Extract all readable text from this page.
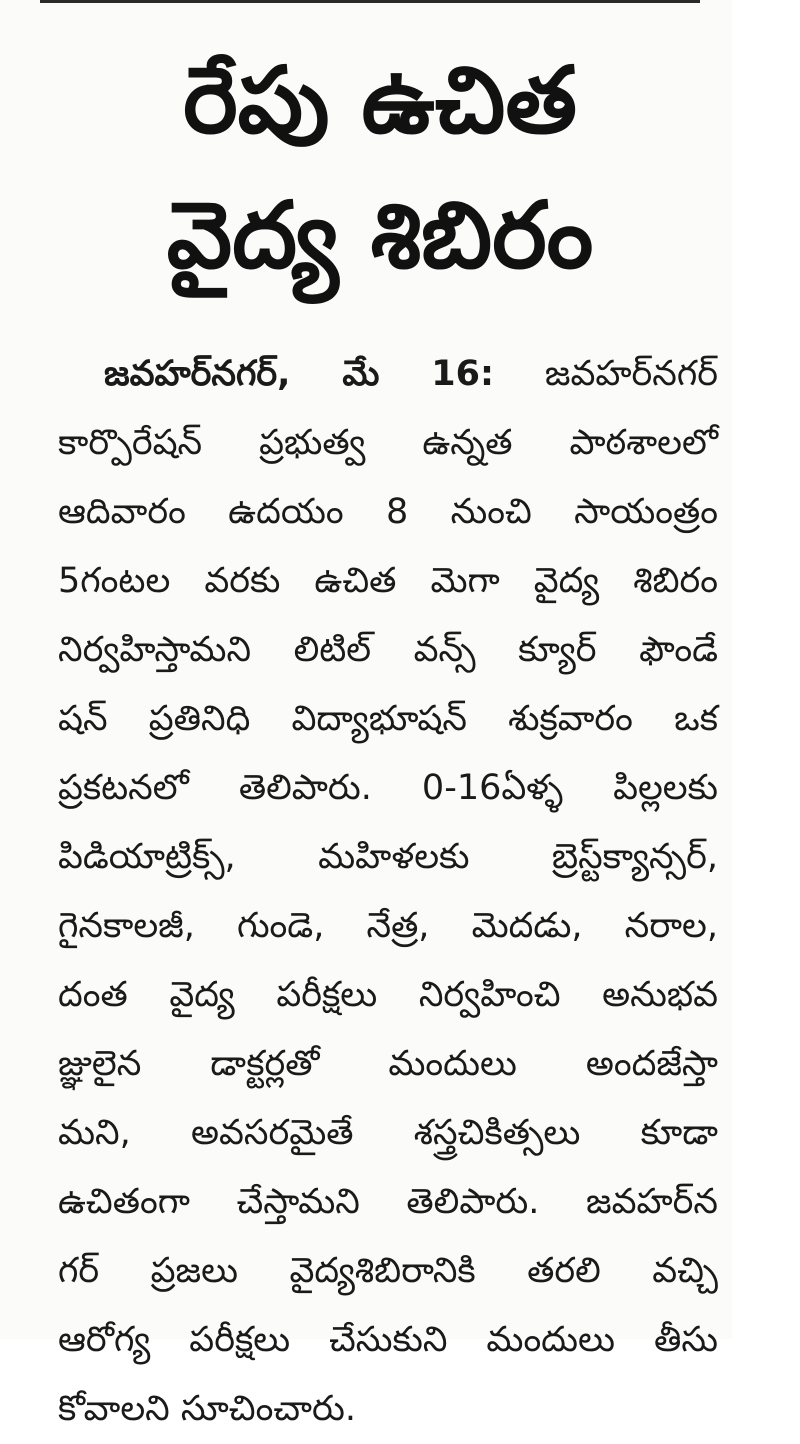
రేపు ఉచిత
వైద్య శిబిరం
జవహర్‌నగర్, మే 16: జవహర్‌నగర్
కార్పొరేషన్ ప్రభుత్వ ఉన్నత పాఠశాలలో
ఆదివారం ఉదయం 8 నుంచి సాయంత్రం
5గంటల వరకు ఉచిత మెగా వైద్య శిబిరం
నిర్వహిస్తామని లిటిల్ వన్స్ క్యూర్ ఫౌండే
షన్ ప్రతినిధి విద్యాభూషన్ శుక్రవారం ఒక
ప్రకటనలో తెలిపారు. 0-16ఏళ్ళ పిల్లలకు
పిడియాట్రిక్స్, మహిళలకు బ్రెస్ట్‌క్యాన్సర్,
గైనకాలజీ, గుండె, నేత్ర, మెదడు, నరాల,
దంత వైద్య పరీక్షలు నిర్వహించి అనుభవ
జ్ఞులైన డాక్టర్లతో మందులు అందజేస్తా
మని, అవసరమైతే శస్త్రచికిత్సలు కూడా
ఉచితంగా చేస్తామని తెలిపారు. జవహర్‌న
గర్ ప్రజలు వైద్యశిబిరానికి తరలి వచ్చి
ఆరోగ్య పరీక్షలు చేసుకుని మందులు తీసు
కోవాలని సూచించారు.
